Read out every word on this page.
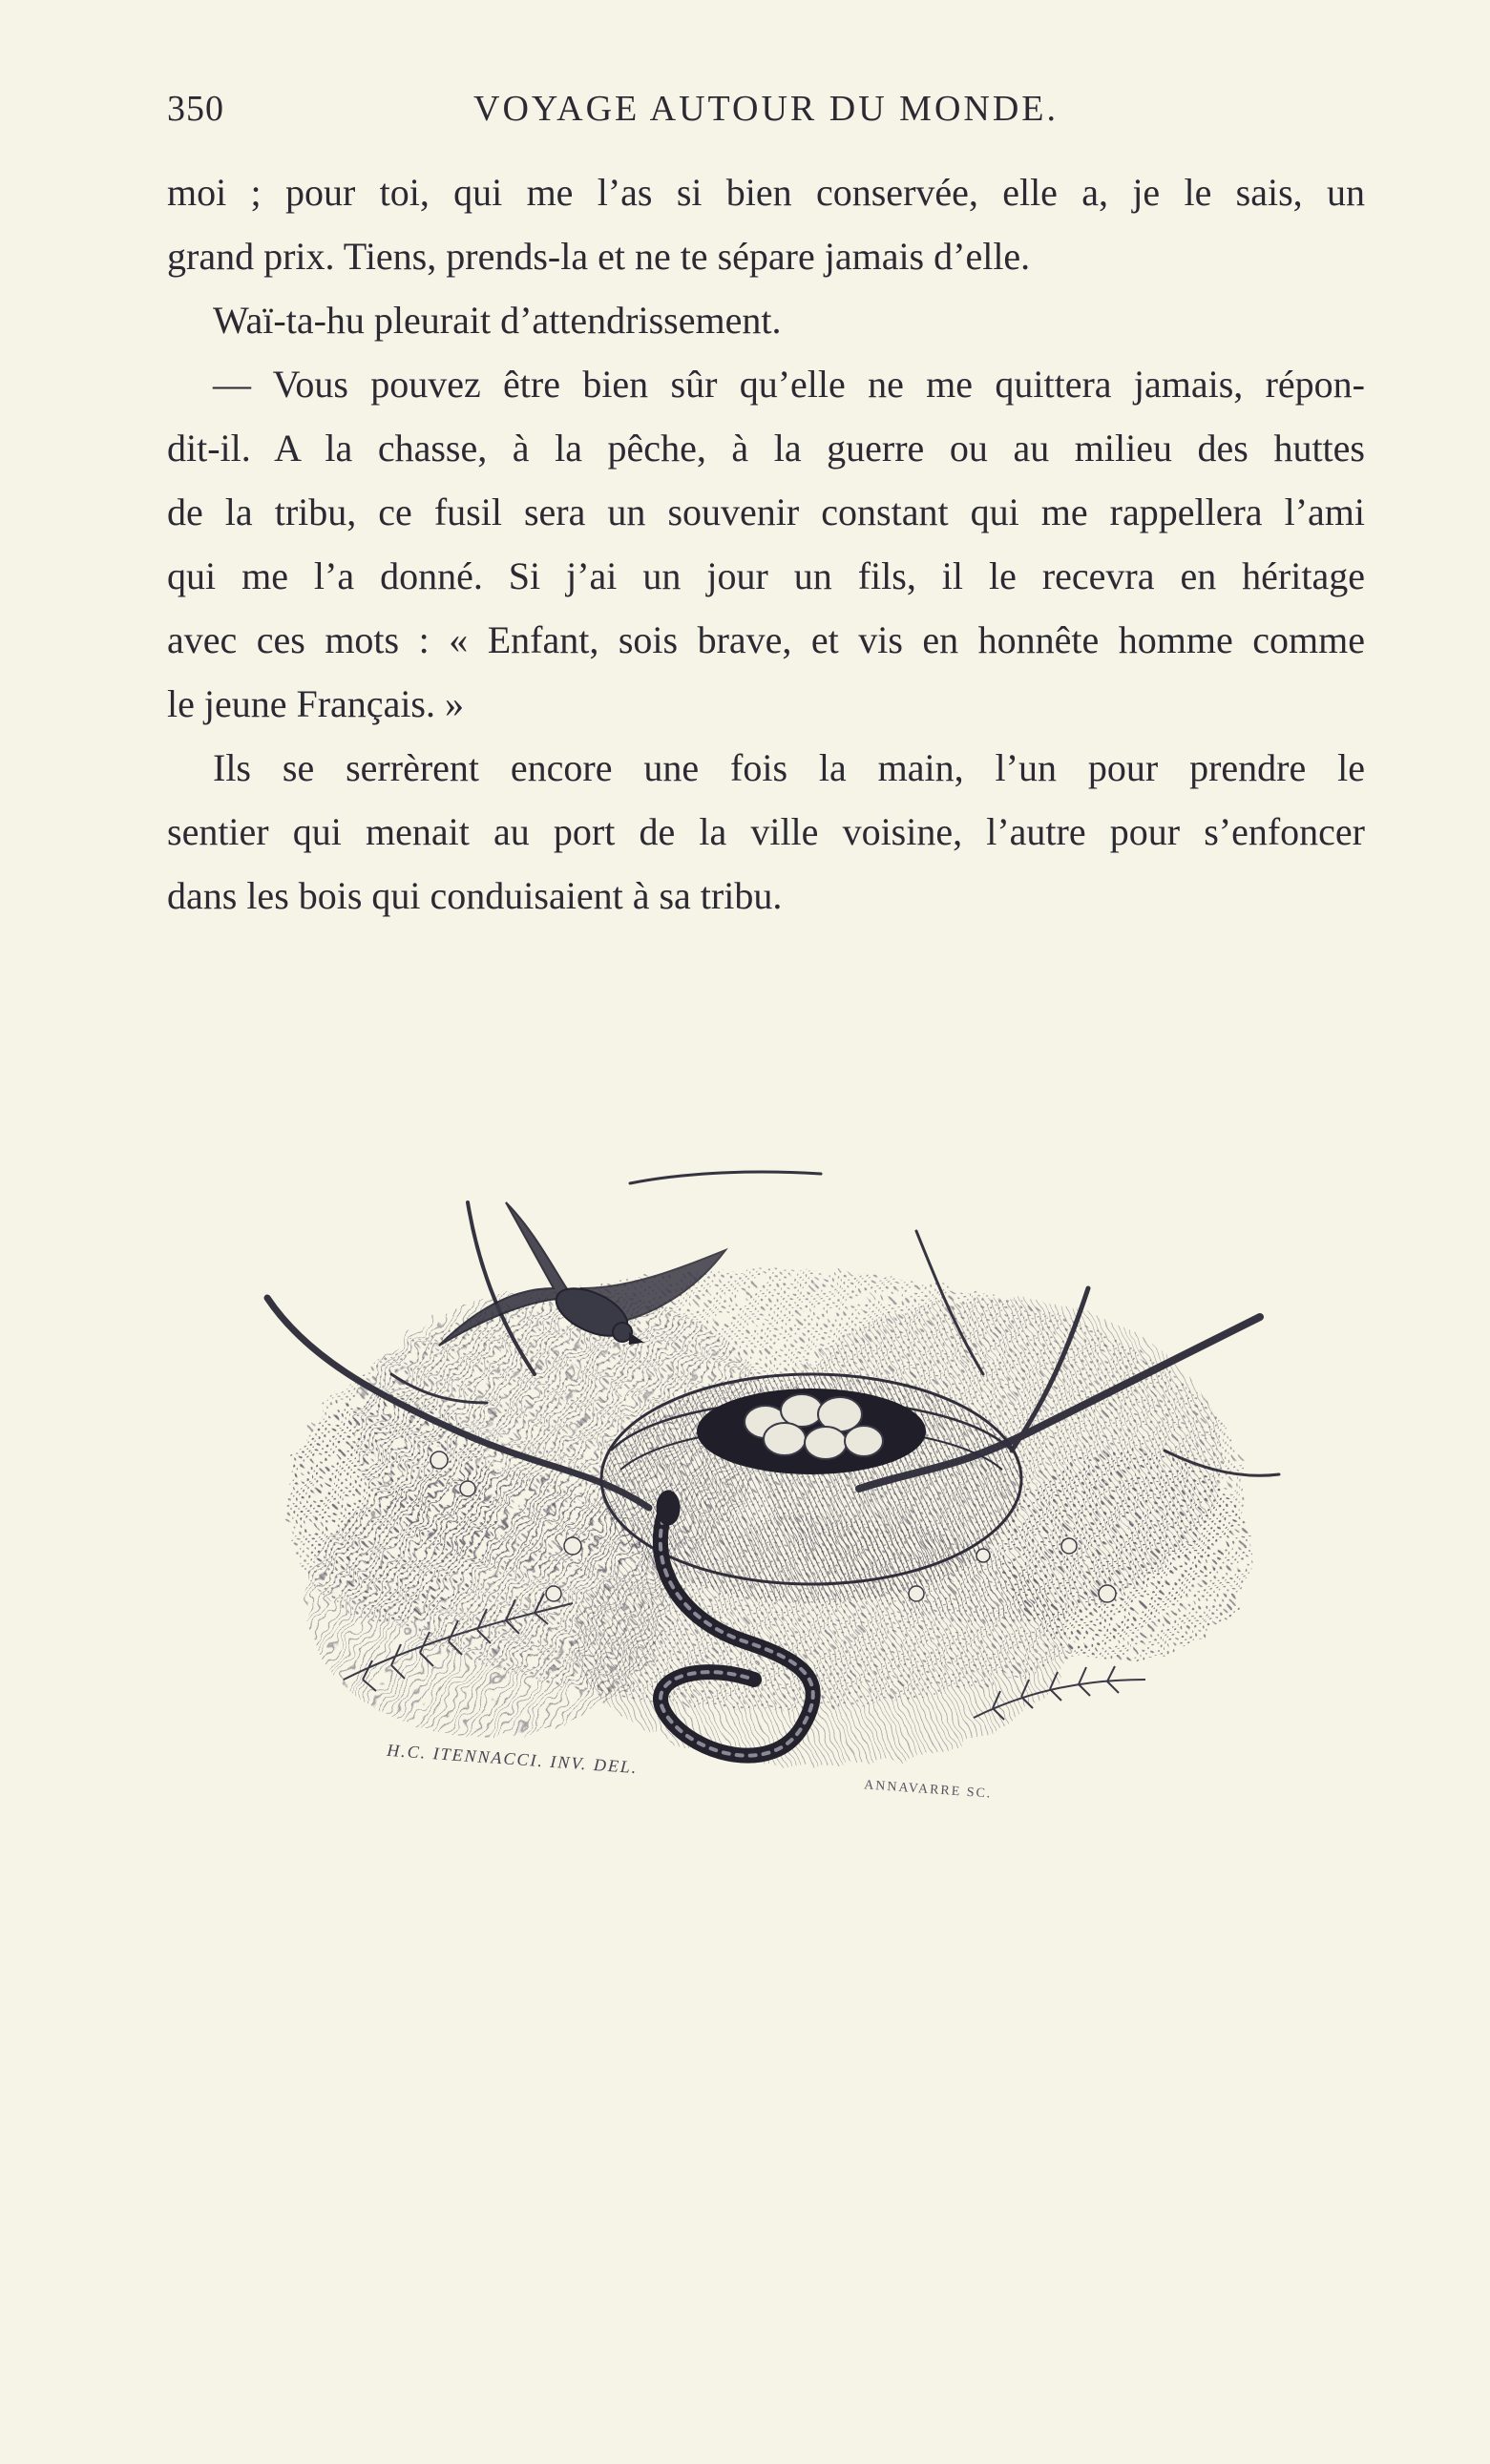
350	VOYAGE AUTOUR DU MONDE.
moi ; pour toi, qui me l’as si bien conservée, elle a, je le sais, un
grand prix. Tiens, prends-la et ne te sépare jamais d’elle.
Waï-ta-hu pleurait d’attendrissement.
— Vous pouvez être bien sûr qu’elle ne me quittera jamais, répon-
dit-il. A la chasse, à la pêche, à la guerre ou au milieu des huttes
de la tribu, ce fusil sera un souvenir constant qui me rappellera l’ami
qui me l’a donné. Si j’ai un jour un fils, il le recevra en héritage
avec ces mots : « Enfant, sois brave, et vis en honnête homme comme
le jeune Français. »
Ils se serrèrent encore une fois la main, l’un pour prendre le
sentier qui menait au port de la ville voisine, l’autre pour s’enfoncer
dans les bois qui conduisaient à sa tribu.
H.C. ITENNACCI. INV. DEL.
ANNAVARRE SC.
